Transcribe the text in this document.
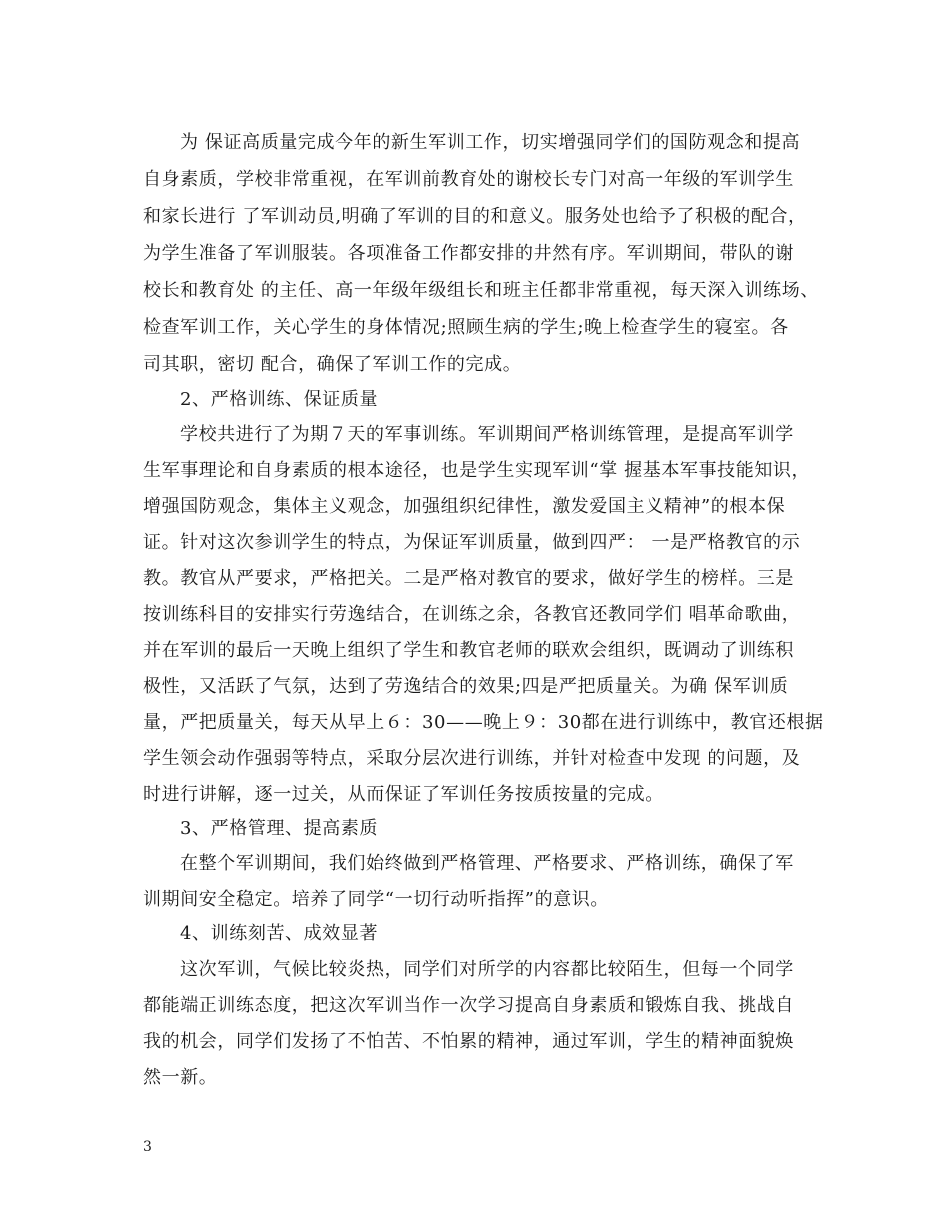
为 保证高质量完成今年的新生军训工作，切实增强同学们的国防观念和提高
自身素质，学校非常重视，在军训前教育处的谢校长专门对高一年级的军训学生
和家长进行 了军训动员,明确了军训的目的和意义。服务处也给予了积极的配合，
为学生准备了军训服装。各项准备工作都安排的井然有序。军训期间，带队的谢
校长和教育处 的主任、高一年级年级组长和班主任都非常重视，每天深入训练场、
检查军训工作，关心学生的身体情况;照顾生病的学生;晚上检查学生的寝室。各
司其职，密切 配合，确保了军训工作的完成。
2、严格训练、保证质量
学校共进行了为期７天的军事训练。军训期间严格训练管理，是提高军训学
生军事理论和自身素质的根本途径，也是学生实现军训“掌 握基本军事技能知识，
增强国防观念，集体主义观念，加强组织纪律性，激发爱国主义精神”的根本保
证。针对这次参训学生的特点，为保证军训质量，做到四严： 一是严格教官的示
教。教官从严要求，严格把关。二是严格对教官的要求，做好学生的榜样。三是
按训练科目的安排实行劳逸结合，在训练之余，各教官还教同学们 唱革命歌曲，
并在军训的最后一天晚上组织了学生和教官老师的联欢会组织，既调动了训练积
极性，又活跃了气氛，达到了劳逸结合的效果;四是严把质量关。为确 保军训质
量，严把质量关，每天从早上６：30——晚上９：30都在进行训练中，教官还根据
学生领会动作强弱等特点，采取分层次进行训练，并针对检查中发现 的问题，及
时进行讲解，逐一过关，从而保证了军训任务按质按量的完成。
3、严格管理、提高素质
在整个军训期间，我们始终做到严格管理、严格要求、严格训练，确保了军
训期间安全稳定。培养了同学“一切行动听指挥”的意识。
4、训练刻苦、成效显著
这次军训，气候比较炎热，同学们对所学的内容都比较陌生，但每一个同学
都能端正训练态度，把这次军训当作一次学习提高自身素质和锻炼自我、挑战自
我的机会，同学们发扬了不怕苦、不怕累的精神，通过军训，学生的精神面貌焕
然一新。
3
